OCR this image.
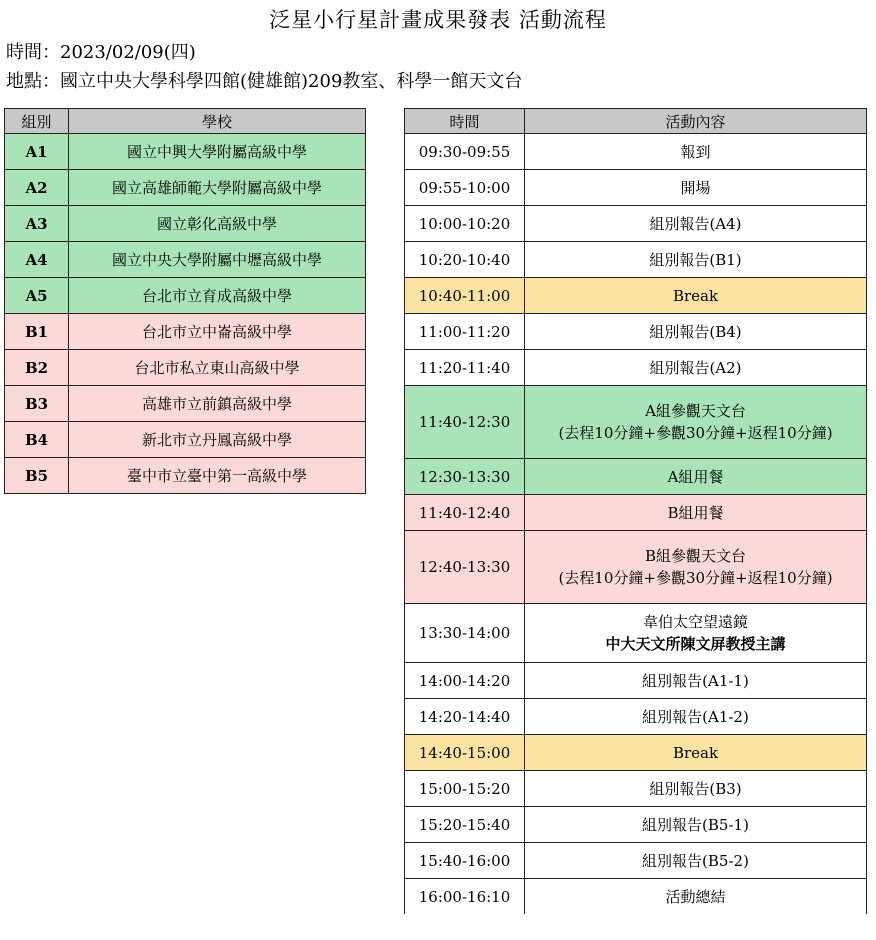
泛星小行星計畫成果發表 活動流程
時間：2023/02/09(四)
地點：國立中央大學科學四館(健雄館)209教室、科學一館天文台
組別	學校
A1	國立中興大學附屬高級中學
A2	國立高雄師範大學附屬高級中學
A3	國立彰化高級中學
A4	國立中央大學附屬中壢高級中學
A5	台北市立育成高級中學
B1	台北市立中崙高級中學
B2	台北市私立東山高級中學
B3	高雄市立前鎮高級中學
B4	新北市立丹鳳高級中學
B5	臺中市立臺中第一高級中學
時間	活動內容
09:30-09:55	報到
09:55-10:00	開場
10:00-10:20	組別報告(A4)
10:20-10:40	組別報告(B1)
10:40-11:00	Break
11:00-11:20	組別報告(B4)
11:20-11:40	組別報告(A2)
11:40-12:30	A組參觀天文台
(去程10分鐘+參觀30分鐘+返程10分鐘)

12:30-13:30	A組用餐
11:40-12:40	B組用餐
12:40-13:30	B組參觀天文台
(去程10分鐘+參觀30分鐘+返程10分鐘)

13:30-14:00	韋伯太空望遠鏡
中大天文所陳文屏教授主講

14:00-14:20	組別報告(A1-1)
14:20-14:40	組別報告(A1-2)
14:40-15:00	Break
15:00-15:20	組別報告(B3)
15:20-15:40	組別報告(B5-1)
15:40-16:00	組別報告(B5-2)
16:00-16:10	活動總結
